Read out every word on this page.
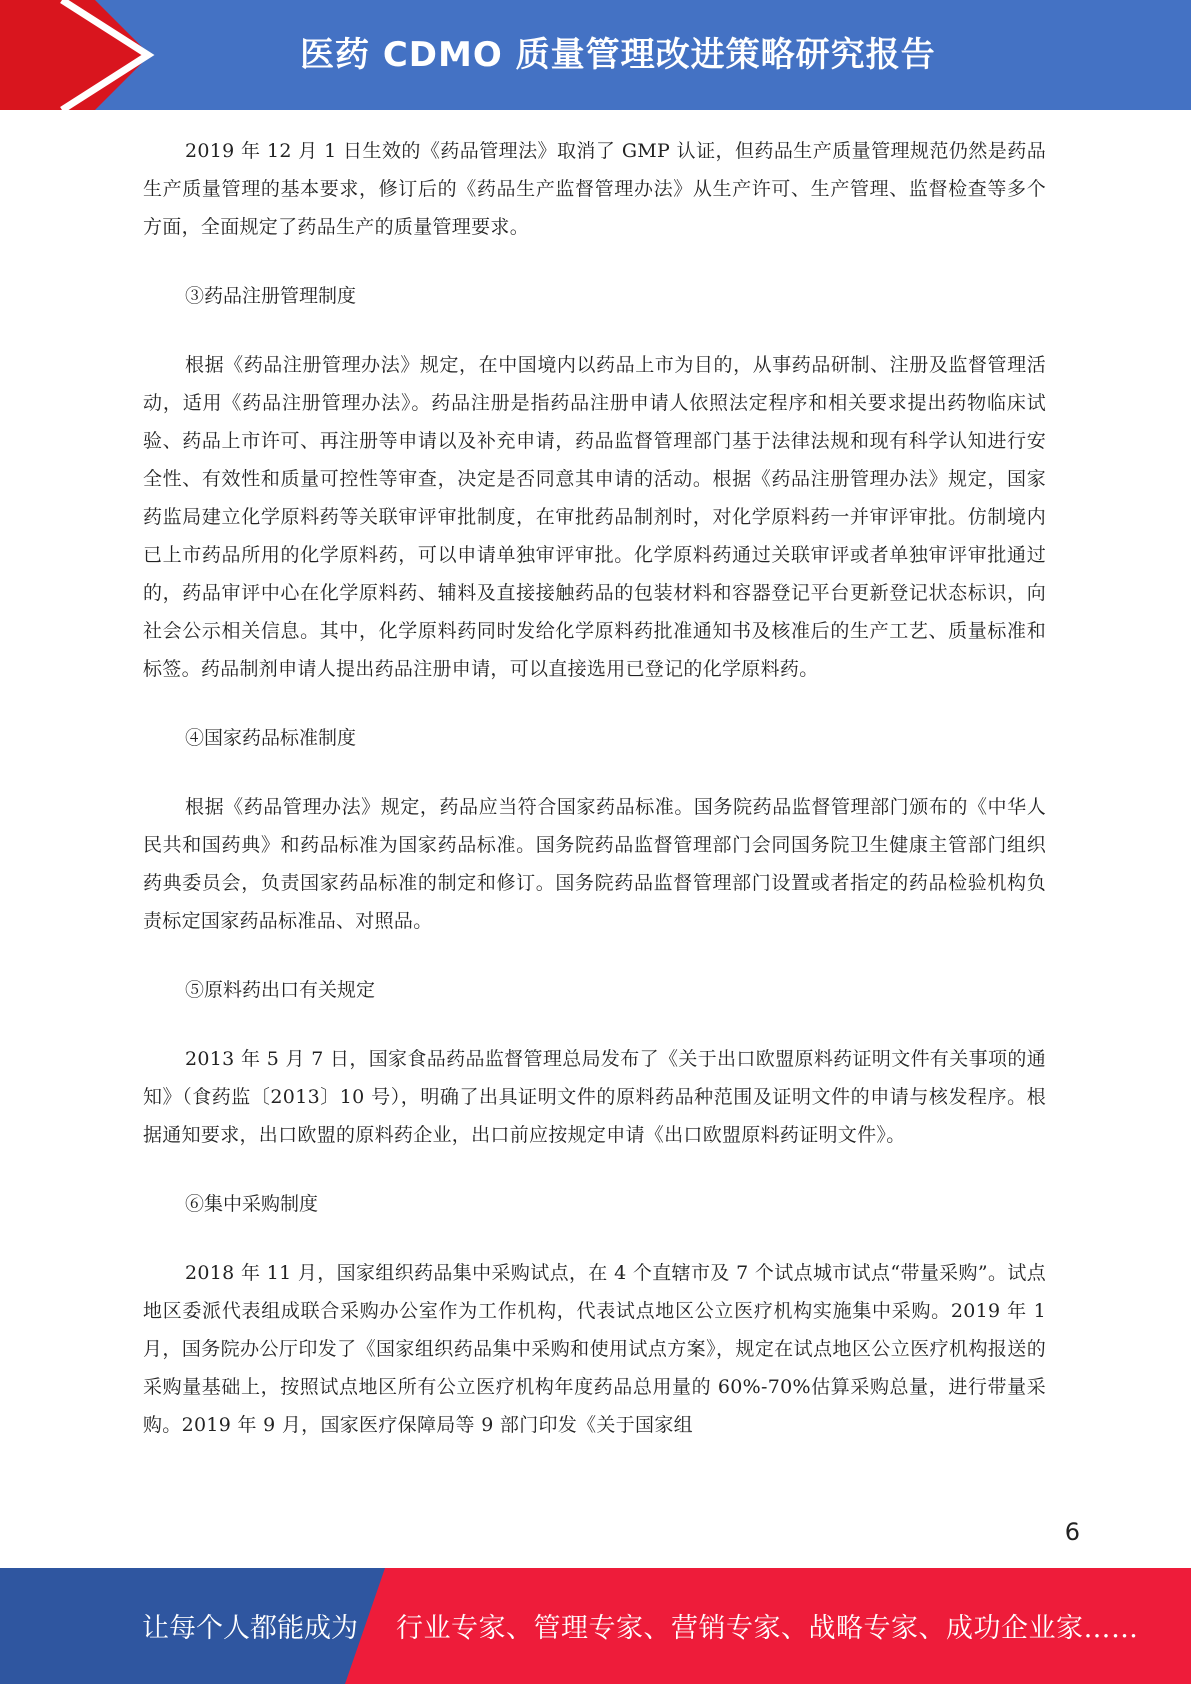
医药 CDMO 质量管理改进策略研究报告

2019 年 12 月 1 日生效的《药品管理法》取消了 GMP 认证，但药品生产质量管理规范仍然是药品生产质量管理的基本要求，修订后的《药品生产监督管理办法》从生产许可、生产管理、监督检查等多个方面，全面规定了药品生产的质量管理要求。

③药品注册管理制度

根据《药品注册管理办法》规定，在中国境内以药品上市为目的，从事药品研制、注册及监督管理活动，适用《药品注册管理办法》。药品注册是指药品注册申请人依照法定程序和相关要求提出药物临床试验、药品上市许可、再注册等申请以及补充申请，药品监督管理部门基于法律法规和现有科学认知进行安全性、有效性和质量可控性等审查，决定是否同意其申请的活动。根据《药品注册管理办法》规定，国家药监局建立化学原料药等关联审评审批制度，在审批药品制剂时，对化学原料药一并审评审批。仿制境内已上市药品所用的化学原料药，可以申请单独审评审批。化学原料药通过关联审评或者单独审评审批通过的，药品审评中心在化学原料药、辅料及直接接触药品的包装材料和容器登记平台更新登记状态标识，向社会公示相关信息。其中，化学原料药同时发给化学原料药批准通知书及核准后的生产工艺、质量标准和标签。药品制剂申请人提出药品注册申请，可以直接选用已登记的化学原料药。

④国家药品标准制度

根据《药品管理办法》规定，药品应当符合国家药品标准。国务院药品监督管理部门颁布的《中华人民共和国药典》和药品标准为国家药品标准。国务院药品监督管理部门会同国务院卫生健康主管部门组织药典委员会，负责国家药品标准的制定和修订。国务院药品监督管理部门设置或者指定的药品检验机构负责标定国家药品标准品、对照品。

⑤原料药出口有关规定

2013 年 5 月 7 日，国家食品药品监督管理总局发布了《关于出口欧盟原料药证明文件有关事项的通知》（食药监〔2013〕10 号），明确了出具证明文件的原料药品种范围及证明文件的申请与核发程序。根据通知要求，出口欧盟的原料药企业，出口前应按规定申请《出口欧盟原料药证明文件》。

⑥集中采购制度

2018 年 11 月，国家组织药品集中采购试点，在 4 个直辖市及 7 个试点城市试点“带量采购”。试点地区委派代表组成联合采购办公室作为工作机构，代表试点地区公立医疗机构实施集中采购。2019 年 1 月，国务院办公厅印发了《国家组织药品集中采购和使用试点方案》，规定在试点地区公立医疗机构报送的采购量基础上，按照试点地区所有公立医疗机构年度药品总用量的 60%-70%估算采购总量，进行带量采购。2019 年 9 月，国家医疗保障局等 9 部门印发《关于国家组

6
让每个人都能成为 行业专家、管理专家、营销专家、战略专家、成功企业家……
